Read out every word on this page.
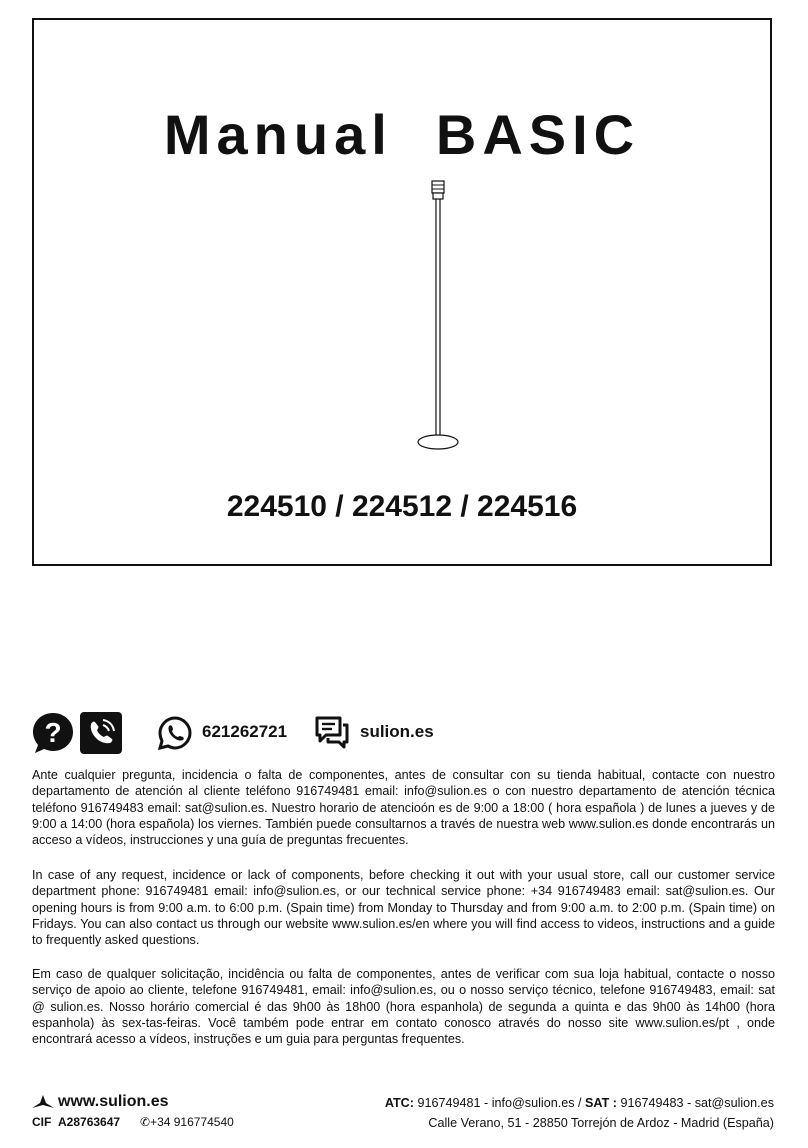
Manual  BASIC
224510 / 224512 / 224516
?	621262721	sulion.es

Ante cualquier pregunta, incidencia o falta de componentes, antes de consultar con su tienda habitual, contacte con nuestro departamento de atención al cliente teléfono 916749481 email: info@sulion.es o con nuestro departamento de atención técnica teléfono 916749483 email: sat@sulion.es. Nuestro horario de atencioón es de 9:00 a 18:00 ( hora española ) de lunes a jueves y de 9:00 a 14:00 (hora española) los viernes. También puede consultarnos a través de nuestra web www.sulion.es donde encontrarás un acceso a vídeos, instrucciones y una guía de preguntas frecuentes.

In case of any request, incidence or lack of components, before checking it out with your usual store, call our customer service department phone: 916749481 email: info@sulion.es, or our technical service phone: +34 916749483 email: sat@sulion.es. Our opening hours is from 9:00 a.m. to 6:00 p.m. (Spain time) from Monday to Thursday and from 9:00 a.m. to 2:00 p.m. (Spain time) on Fridays. You can also contact us through our website www.sulion.es/en where you will find access to videos, instructions and a guide to frequently asked questions.

Em caso de qualquer solicitação, incidência ou falta de componentes, antes de verificar com sua loja habitual, contacte o nosso serviço de apoio ao cliente, telefone 916749481, email: info@sulion.es, ou o nosso serviço técnico, telefone 916749483, email: sat @ sulion.es. Nosso horário comercial é das 9h00 às 18h00 (hora espanhola) de segunda a quinta e das 9h00 às 14h00 (hora espanhola) às sex-tas-feiras. Você também pode entrar em contato conosco através do nosso site www.sulion.es/pt , onde encontrará acesso a vídeos, instruções e um guia para perguntas frequentes.

www.sulion.es
CIF A28763647 ✆+34 916774540
ATC: 916749481 - info@sulion.es / SAT : 916749483 - sat@sulion.es
Calle Verano, 51 - 28850 Torrejón de Ardoz - Madrid (España)
